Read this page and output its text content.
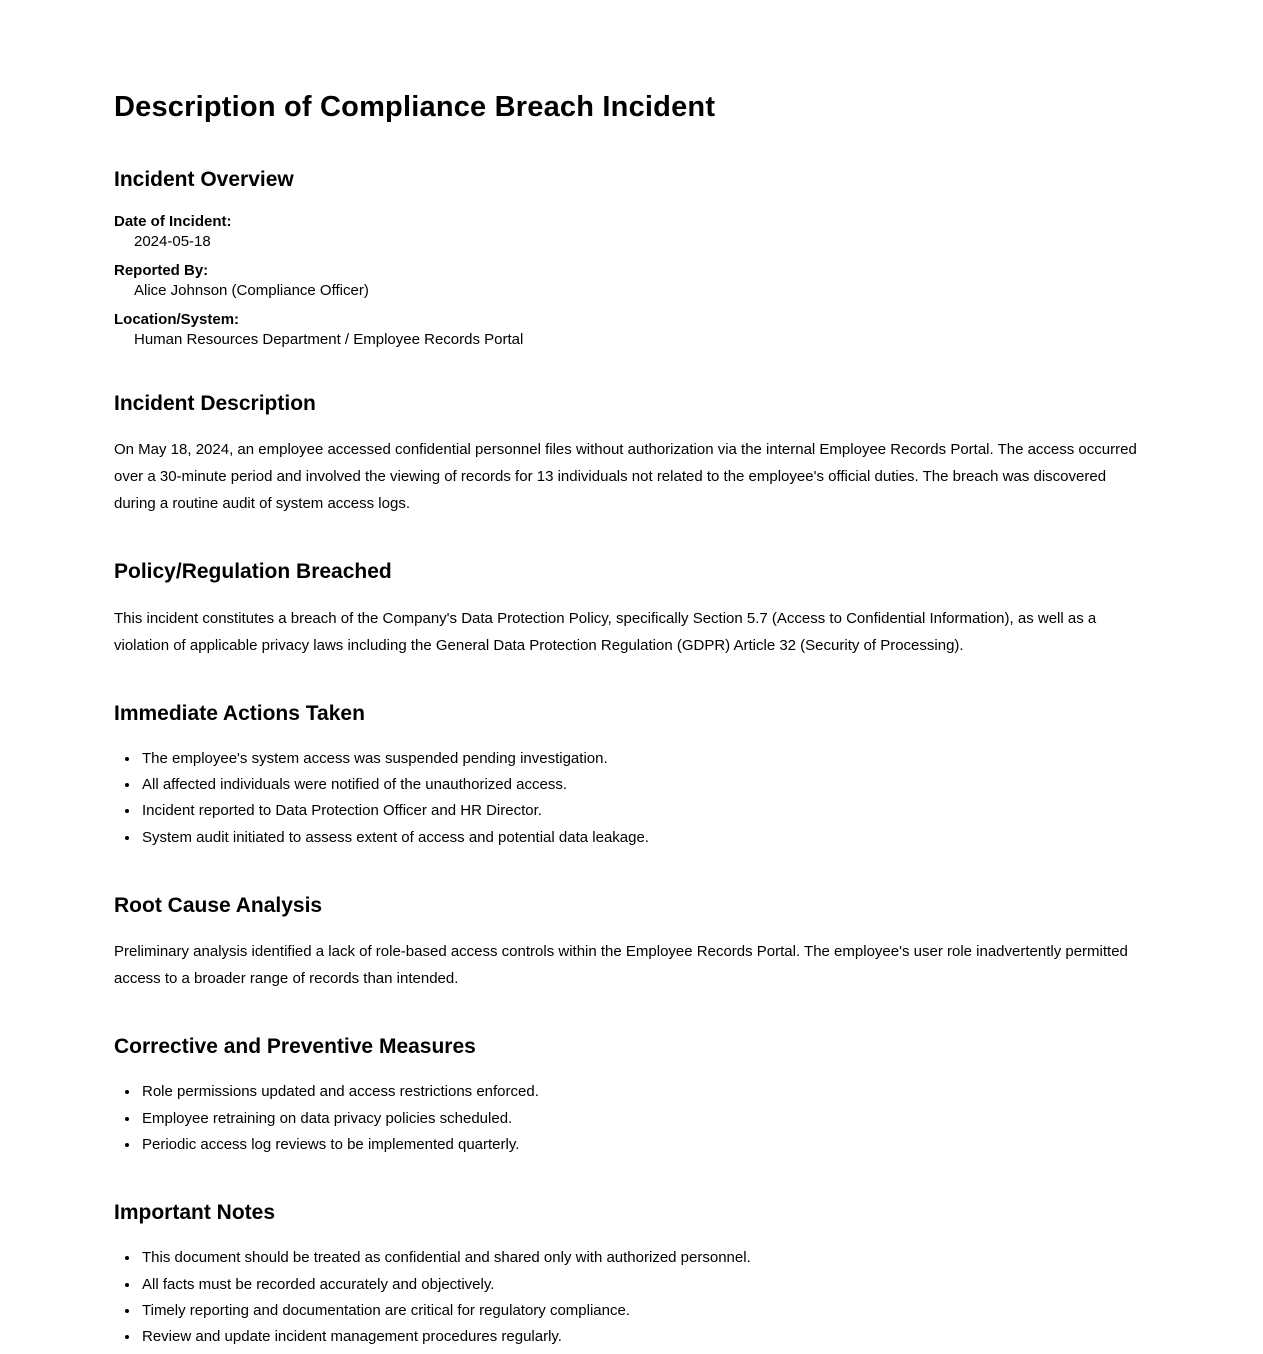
Description of Compliance Breach Incident
Incident Overview
Date of Incident:
2024-05-18
Reported By:
Alice Johnson (Compliance Officer)
Location/System:
Human Resources Department / Employee Records Portal
Incident Description

On May 18, 2024, an employee accessed confidential personnel files without authorization via the internal Employee Records Portal. The access occurred over a 30-minute period and involved the viewing of records for 13 individuals not related to the employee's official duties. The breach was discovered during a routine audit of system access logs.

Policy/Regulation Breached

This incident constitutes a breach of the Company's Data Protection Policy, specifically Section 5.7 (Access to Confidential Information), as well as a violation of applicable privacy laws including the General Data Protection Regulation (GDPR) Article 32 (Security of Processing).

Immediate Actions Taken
• The employee's system access was suspended pending investigation.
• All affected individuals were notified of the unauthorized access.
• Incident reported to Data Protection Officer and HR Director.
• System audit initiated to assess extent of access and potential data leakage.
Root Cause Analysis

Preliminary analysis identified a lack of role-based access controls within the Employee Records Portal. The employee's user role inadvertently permitted access to a broader range of records than intended.

Corrective and Preventive Measures
• Role permissions updated and access restrictions enforced.
• Employee retraining on data privacy policies scheduled.
• Periodic access log reviews to be implemented quarterly.
Important Notes
• This document should be treated as confidential and shared only with authorized personnel.
• All facts must be recorded accurately and objectively.
• Timely reporting and documentation are critical for regulatory compliance.
• Review and update incident management procedures regularly.
